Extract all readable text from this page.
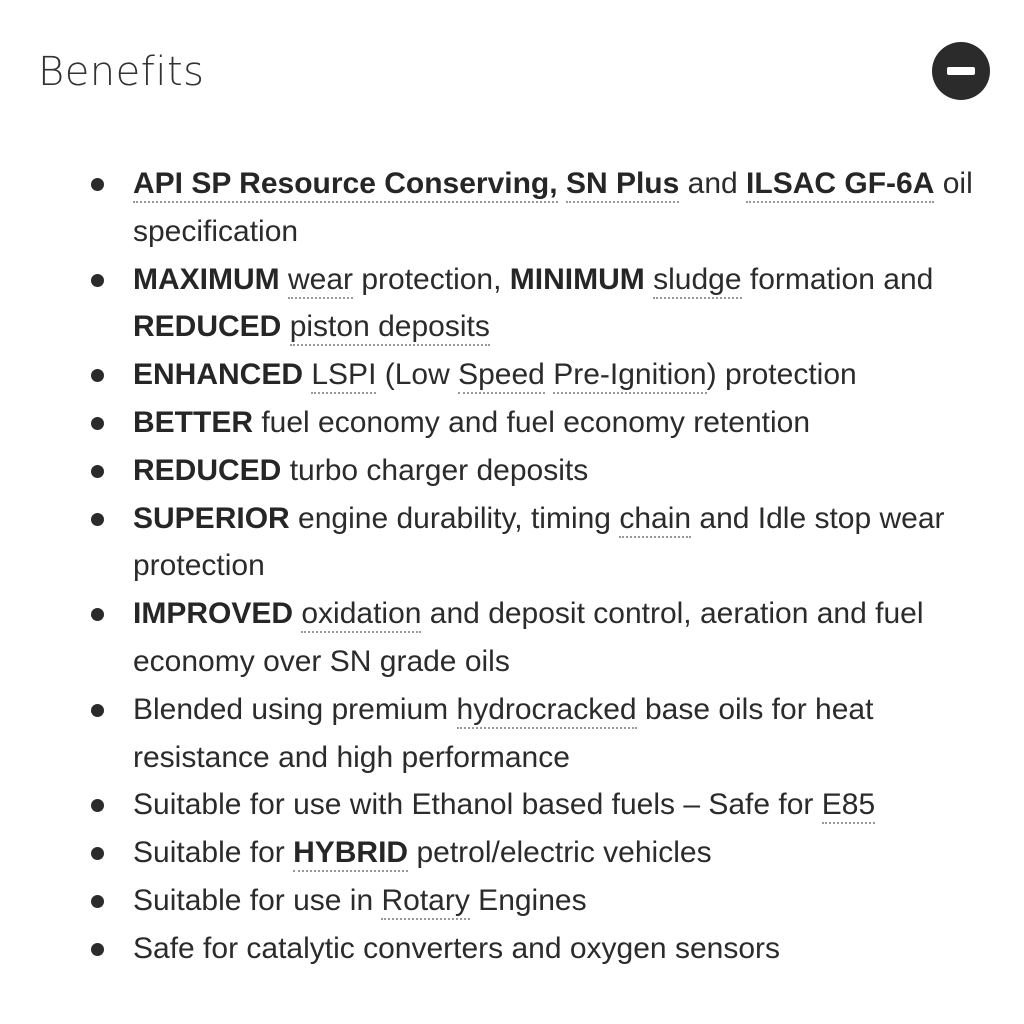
Benefits
API SP Resource Conserving, SN Plus and ILSAC GF-6A oil specification
MAXIMUM wear protection, MINIMUM sludge formation and REDUCED piston deposits
ENHANCED LSPI (Low Speed Pre-Ignition) protection
BETTER fuel economy and fuel economy retention
REDUCED turbo charger deposits
SUPERIOR engine durability, timing chain and Idle stop wear protection
IMPROVED oxidation and deposit control, aeration and fuel economy over SN grade oils
Blended using premium hydrocracked base oils for heat resistance and high performance
Suitable for use with Ethanol based fuels – Safe for E85
Suitable for HYBRID petrol/electric vehicles
Suitable for use in Rotary Engines
Safe for catalytic converters and oxygen sensors
